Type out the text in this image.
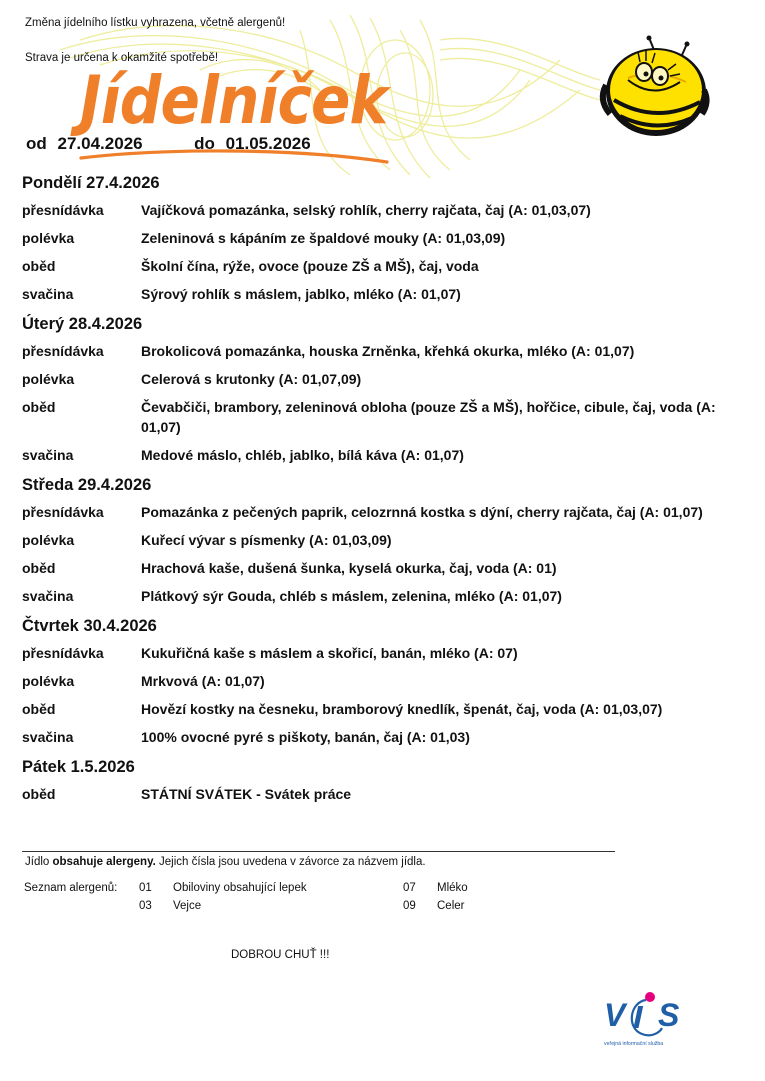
Změna jídelního lístku vyhrazena, včetně alergenů!
Strava je určena k okamžité spotřebě!
Jídelníček
od 27.04.2026	do 01.05.2026
Pondělí 27.4.2026
přesnídávka	Vajíčková pomazánka, selský rohlík, cherry rajčata, čaj (A: 01,03,07)
polévka	Zeleninová s kápáním ze špaldové mouky (A: 01,03,09)
oběd	Školní čína, rýže, ovoce (pouze ZŠ a MŠ), čaj, voda
svačina	Sýrový rohlík s máslem, jablko, mléko (A: 01,07)
Úterý 28.4.2026
přesnídávka	Brokolicová pomazánka, houska Zrněnka, křehká okurka, mléko (A: 01,07)
polévka	Celerová s krutonky (A: 01,07,09)
oběd	Čevabčiči, brambory, zeleninová obloha (pouze ZŠ a MŠ), hořčice, cibule, čaj, voda (A: 01,07)
svačina	Medové máslo, chléb, jablko, bílá káva (A: 01,07)
Středa 29.4.2026
přesnídávka	Pomazánka z pečených paprik, celozrnná kostka s dýní, cherry rajčata, čaj (A: 01,07)
polévka	Kuřecí vývar s písmenky (A: 01,03,09)
oběd	Hrachová kaše, dušená šunka, kyselá okurka, čaj, voda (A: 01)
svačina	Plátkový sýr Gouda, chléb s máslem, zelenina, mléko (A: 01,07)
Čtvrtek 30.4.2026
přesnídávka	Kukuřičná kaše s máslem a skořicí, banán, mléko (A: 07)
polévka	Mrkvová (A: 01,07)
oběd	Hovězí kostky na česneku, bramborový knedlík, špenát, čaj, voda (A: 01,03,07)
svačina	100% ovocné pyré s piškoty, banán, čaj (A: 01,03)
Pátek 1.5.2026
oběd	STÁTNÍ SVÁTEK - Svátek práce
Jídlo obsahuje alergeny. Jejich čísla jsou uvedena v závorce za názvem jídla.
Seznam alergenů:	01 Obiloviny obsahující lepek
03 Vejce
07 Mléko
09 Celer
DOBROU CHUŤ !!!
V S
veřejná informační služba
